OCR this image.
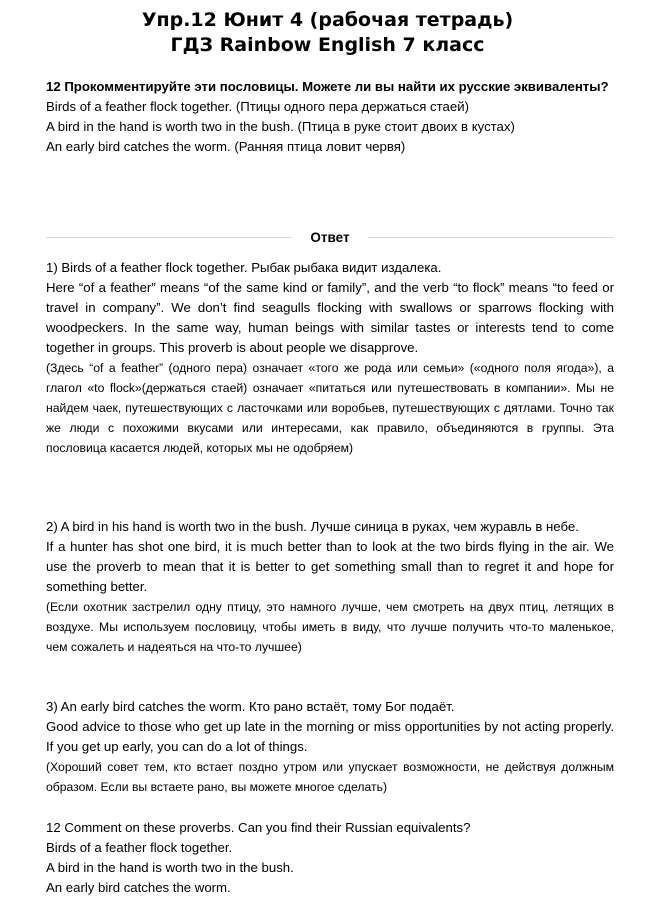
Упр.12 Юнит 4 (рабочая тетрадь)
ГДЗ Rainbow English 7 класс
12 Прокомментируйте эти пословицы. Можете ли вы найти их русские эквиваленты?
Birds of a feather flock together. (Птицы одного пера держаться стаей)
A bird in the hand is worth two in the bush. (Птица в руке стоит двоих в кустах)
An early bird catches the worm. (Ранняя птица ловит червя)
Ответ
1) Birds of a feather flock together. Рыбак рыбака видит издалека.
Here “of a feather” means “of the same kind or family”, and the verb “to flock” means “to feed or travel in company”. We don’t find seagulls flocking with swallows or sparrows flocking with woodpeckers. In the same way, human beings with similar tastes or interests tend to come together in groups. This proverb is about people we disapprove.
(Здесь “of a feather” (одного пера) означает «того же рода или семьи» («одного поля ягода»), а глагол «to flock»(держаться стаей) означает «питаться или путешествовать в компании». Мы не найдем чаек, путешествующих с ласточками или воробьев, путешествующих с дятлами. Точно так же люди с похожими вкусами или интересами, как правило, объединяются в группы. Эта пословица касается людей, которых мы не одобряем)
2) A bird in his hand is worth two in the bush. Лучше синица в руках, чем журавль в небе.
If a hunter has shot one bird, it is much better than to look at the two birds flying in the air. We use the proverb to mean that it is better to get something small than to regret it and hope for something better.
(Если охотник застрелил одну птицу, это намного лучше, чем смотреть на двух птиц, летящих в воздухе. Мы используем пословицу, чтобы иметь в виду, что лучше получить что-то маленькое, чем сожалеть и надеяться на что-то лучшее)
3) An early bird catches the worm. Кто рано встаёт, тому Бог подаёт.
Good advice to those who get up late in the morning or miss opportunities by not acting properly. If you get up early, you can do a lot of things.
(Хороший совет тем, кто встает поздно утром или упускает возможности, не действуя должным образом. Если вы встаете рано, вы можете многое сделать)
12 Comment on these proverbs. Can you find their Russian equivalents?
Birds of a feather flock together.
A bird in the hand is worth two in the bush.
An early bird catches the worm.
